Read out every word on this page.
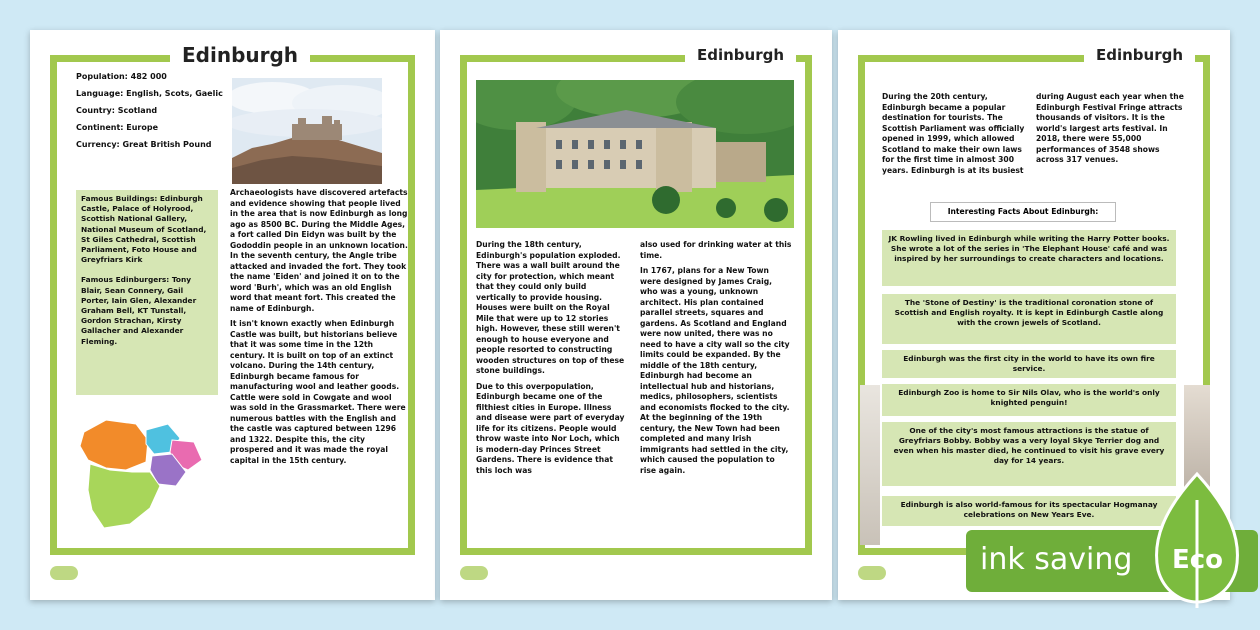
Edinburgh
Population: 482 000
Language: English, Scots, Gaelic
Country: Scotland
Continent: Europe
Currency: Great British Pound

Famous Buildings: Edinburgh Castle, Palace of Holyrood, Scottish National Gallery, National Museum of Scotland, St Giles Cathedral, Scottish Parliament, Foto House and Greyfriars Kirk

Famous Edinburgers: Tony Blair, Sean Connery, Gail Porter, Iain Glen, Alexander Graham Bell, KT Tunstall, Gordon Strachan, Kirsty Gallacher and Alexander Fleming.

Archaeologists have discovered artefacts and evidence showing that people lived in the area that is now Edinburgh as long ago as 8500 BC. During the Middle Ages, a fort called Din Eidyn was built by the Gododdin people in an unknown location. In the seventh century, the Angle tribe attacked and invaded the fort. They took the name 'Eiden' and joined it on to the word 'Burh', which was an old English word that meant fort. This created the name of Edinburgh.

It isn't known exactly when Edinburgh Castle was built, but historians believe that it was some time in the 12th century. It is built on top of an extinct volcano. During the 14th century, Edinburgh became famous for manufacturing wool and leather goods. Cattle were sold in Cowgate and wool was sold in the Grassmarket. There were numerous battles with the English and the castle was captured between 1296 and 1322. Despite this, the city prospered and it was made the royal capital in the 15th century.

Edinburgh

During the 18th century, Edinburgh's population exploded. There was a wall built around the city for protection, which meant that they could only build vertically to provide housing. Houses were built on the Royal Mile that were up to 12 stories high. However, these still weren't enough to house everyone and people resorted to constructing wooden structures on top of these stone buildings.

Due to this overpopulation, Edinburgh became one of the filthiest cities in Europe. Illness and disease were part of everyday life for its citizens. People would throw waste into Nor Loch, which is modern-day Princes Street Gardens. There is evidence that this loch was

also used for drinking water at this time.

In 1767, plans for a New Town were designed by James Craig, who was a young, unknown architect. His plan contained parallel streets, squares and gardens. As Scotland and England were now united, there was no need to have a city wall so the city limits could be expanded. By the middle of the 18th century, Edinburgh had become an intellectual hub and historians, medics, philosophers, scientists and economists flocked to the city. At the beginning of the 19th century, the New Town had been completed and many Irish immigrants had settled in the city, which caused the population to rise again.

Edinburgh

During the 20th century, Edinburgh became a popular destination for tourists. The Scottish Parliament was officially opened in 1999, which allowed Scotland to make their own laws for the first time in almost 300 years. Edinburgh is at its busiest

during August each year when the Edinburgh Festival Fringe attracts thousands of visitors. It is the world's largest arts festival. In 2018, there were 55,000 performances of 3548 shows across 317 venues.

Interesting Facts About Edinburgh:
JK Rowling lived in Edinburgh while writing the Harry Potter books. She wrote a lot of the series in 'The Elephant House' café and was inspired by her surroundings to create characters and locations.
The 'Stone of Destiny' is the traditional coronation stone of Scottish and English royalty. It is kept in Edinburgh Castle along with the crown jewels of Scotland.
Edinburgh was the first city in the world to have its own fire service.
Edinburgh Zoo is home to Sir Nils Olav, who is the world's only knighted penguin!
One of the city's most famous attractions is the statue of Greyfriars Bobby. Bobby was a very loyal Skye Terrier dog and even when his master died, he continued to visit his grave every day for 14 years.
Edinburgh is also world-famous for its spectacular Hogmanay celebrations on New Years Eve.
ink saving	Eco
